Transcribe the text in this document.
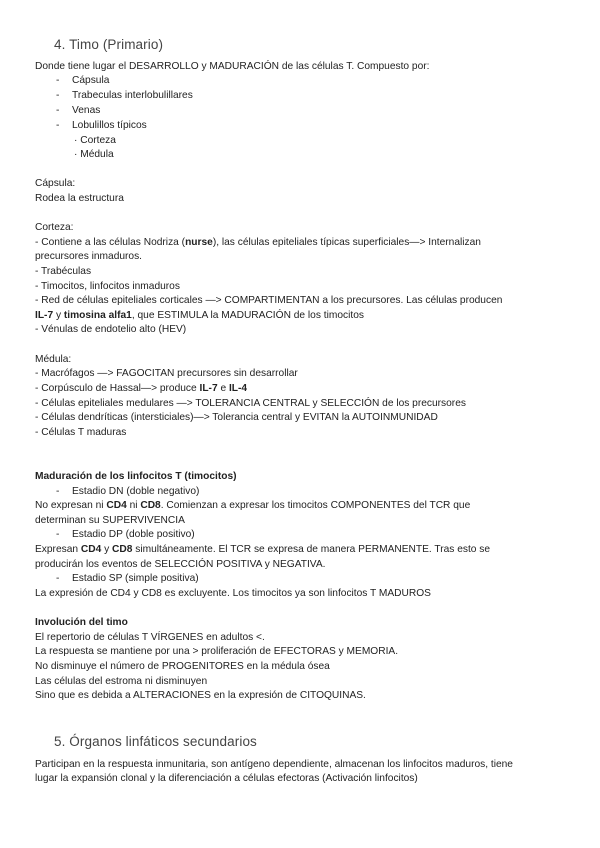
4. Timo (Primario)
Donde tiene lugar el DESARROLLO y MADURACIÓN de las células T. Compuesto por:
- Cápsula
- Trabeculas interlobulillares
- Venas
- Lobulillos típicos
· Corteza
· Médula
Cápsula:
Rodea la estructura
Corteza:
- Contiene a las células Nodriza (nurse), las células epiteliales típicas superficiales—> Internalizan
precursores inmaduros.
- Trabéculas
- Timocitos, linfocitos inmaduros
- Red de células epiteliales corticales —> COMPARTIMENTAN a los precursores. Las células producen
IL-7 y timosina alfa1, que ESTIMULA la MADURACIÓN de los timocitos
- Vénulas de endotelio alto (HEV)
Médula:
- Macrófagos —> FAGOCITAN precursores sin desarrollar
- Corpúsculo de Hassal—> produce IL-7 e IL-4
- Células epiteliales medulares —> TOLERANCIA CENTRAL y SELECCIÓN de los precursores
- Células dendríticas (intersticiales)—> Tolerancia central y EVITAN la AUTOINMUNIDAD
- Células T maduras
Maduración de los linfocitos T (timocitos)
- Estadio DN (doble negativo)
No expresan ni CD4 ni CD8. Comienzan a expresar los timocitos COMPONENTES del TCR que
determinan su SUPERVIVENCIA
- Estadio DP (doble positivo)
Expresan CD4 y CD8 simultáneamente. El TCR se expresa de manera PERMANENTE. Tras esto se
producirán los eventos de SELECCIÓN POSITIVA y NEGATIVA.
- Estadio SP (simple positiva)
La expresión de CD4 y CD8 es excluyente. Los timocitos ya son linfocitos T MADUROS
Involución del timo
El repertorio de células T VÍRGENES en adultos <.
La respuesta se mantiene por una > proliferación de EFECTORAS y MEMORIA.
No disminuye el número de PROGENITORES en la médula ósea
Las células del estroma ni disminuyen
Sino que es debida a ALTERACIONES en la expresión de CITOQUINAS.
5. Órganos linfáticos secundarios
Participan en la respuesta inmunitaria, son antígeno dependiente, almacenan los linfocitos maduros, tiene
lugar la expansión clonal y la diferenciación a células efectoras (Activación linfocitos)
